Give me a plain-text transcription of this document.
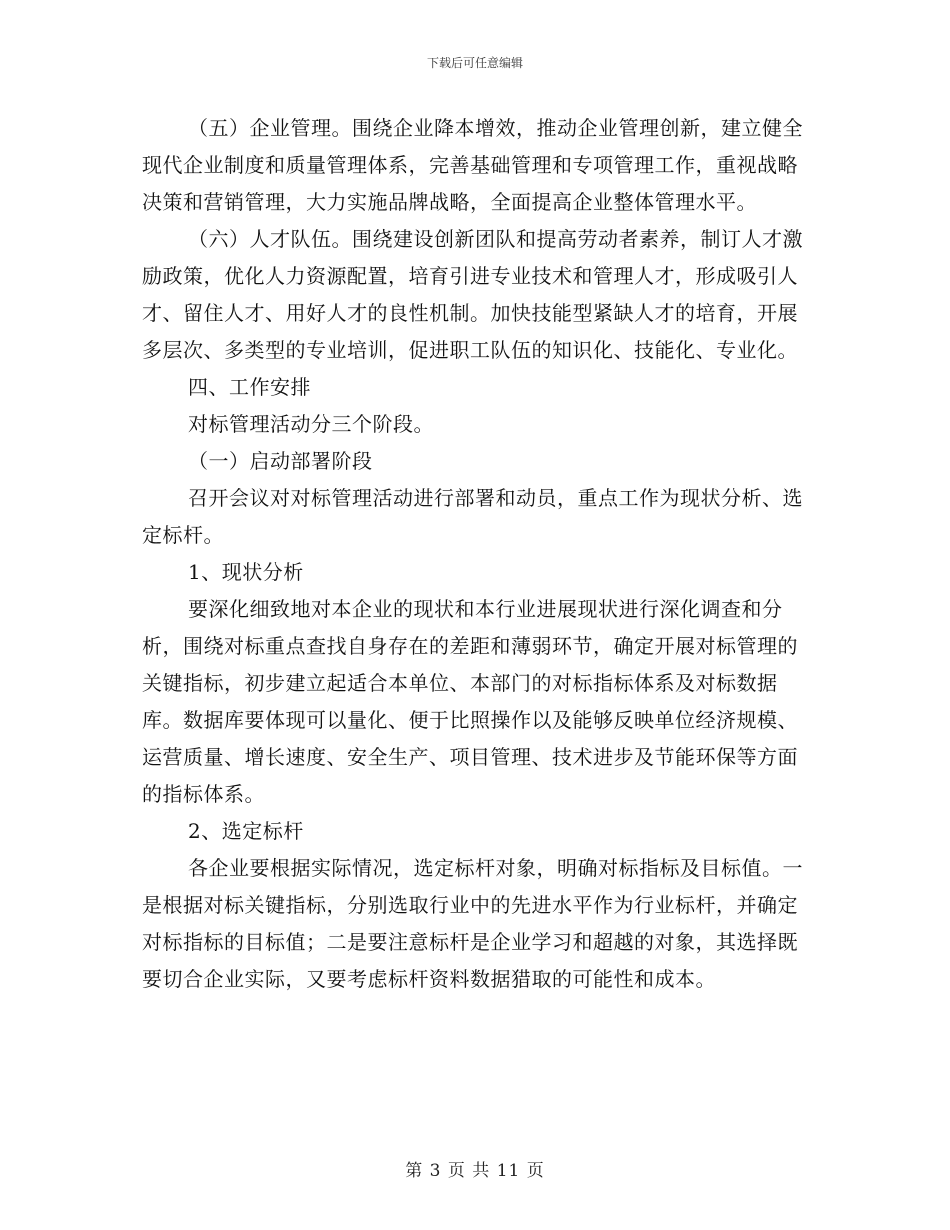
下载后可任意编辑

（五）企业管理。围绕企业降本增效，推动企业管理创新，建立健全现代企业制度和质量管理体系，完善基础管理和专项管理工作，重视战略决策和营销管理，大力实施品牌战略，全面提高企业整体管理水平。

（六）人才队伍。围绕建设创新团队和提高劳动者素养，制订人才激励政策，优化人力资源配置，培育引进专业技术和管理人才，形成吸引人才、留住人才、用好人才的良性机制。加快技能型紧缺人才的培育，开展多层次、多类型的专业培训，促进职工队伍的知识化、技能化、专业化。

四、工作安排

对标管理活动分三个阶段。

（一）启动部署阶段

召开会议对对标管理活动进行部署和动员，重点工作为现状分析、选定标杆。

1、现状分析

要深化细致地对本企业的现状和本行业进展现状进行深化调查和分析，围绕对标重点查找自身存在的差距和薄弱环节，确定开展对标管理的关键指标，初步建立起适合本单位、本部门的对标指标体系及对标数据库。数据库要体现可以量化、便于比照操作以及能够反映单位经济规模、运营质量、增长速度、安全生产、项目管理、技术进步及节能环保等方面的指标体系。

2、选定标杆

各企业要根据实际情况，选定标杆对象，明确对标指标及目标值。一是根据对标关键指标，分别选取行业中的先进水平作为行业标杆，并确定对标指标的目标值；二是要注意标杆是企业学习和超越的对象，其选择既要切合企业实际，又要考虑标杆资料数据猎取的可能性和成本。

第 3 页 共 11 页
